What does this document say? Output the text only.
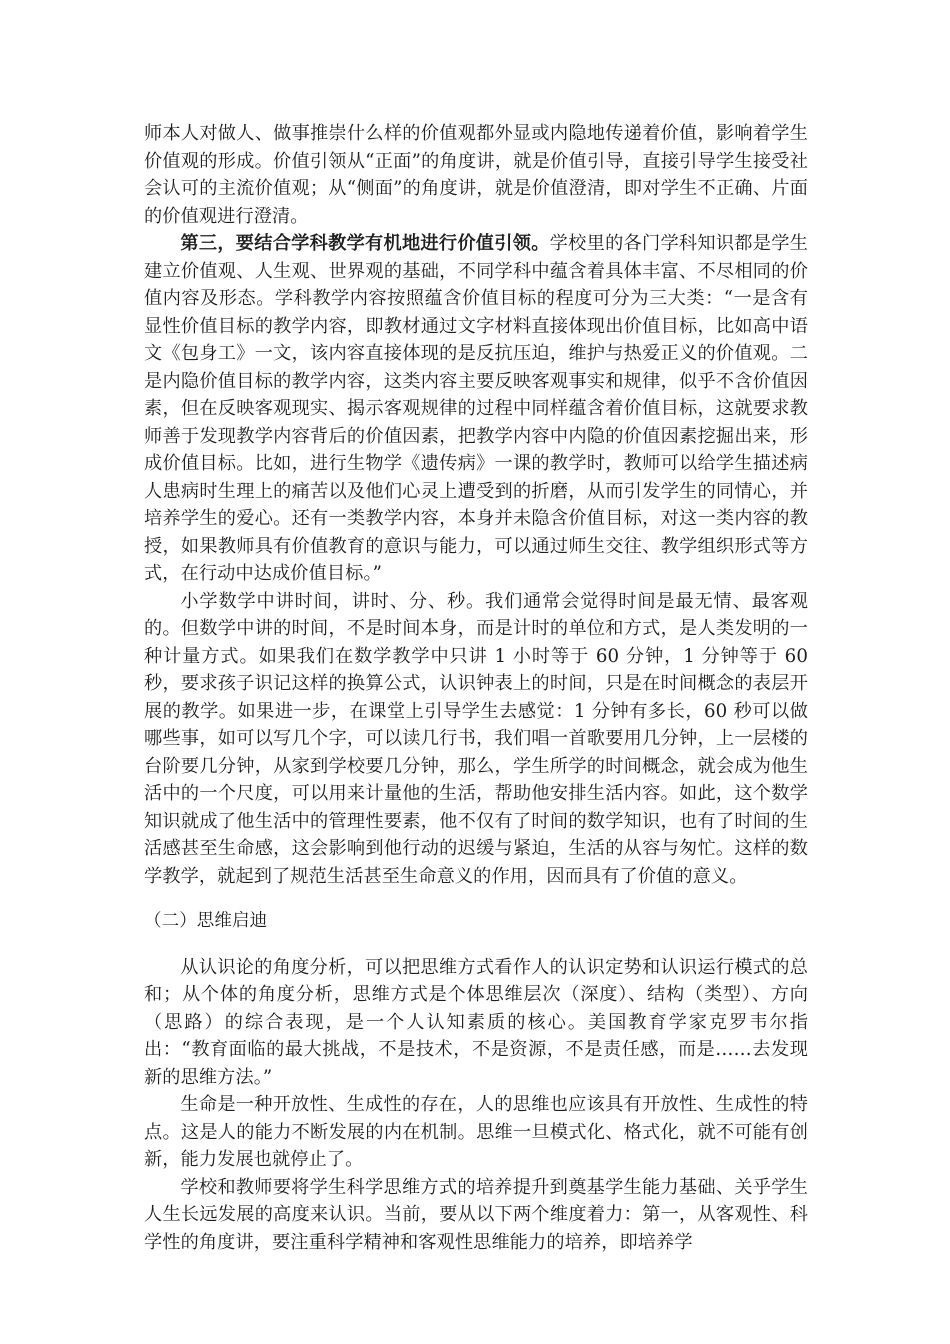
师本人对做人、做事推崇什么样的价值观都外显或内隐地传递着价值，影响着学生价值观的形成。价值引领从“正面”的角度讲，就是价值引导，直接引导学生接受社会认可的主流价值观；从“侧面”的角度讲，就是价值澄清，即对学生不正确、片面的价值观进行澄清。

第三，要结合学科教学有机地进行价值引领。学校里的各门学科知识都是学生建立价值观、人生观、世界观的基础，不同学科中蕴含着具体丰富、不尽相同的价值内容及形态。学科教学内容按照蕴含价值目标的程度可分为三大类：“一是含有显性价值目标的教学内容，即教材通过文字材料直接体现出价值目标，比如高中语文《包身工》一文，该内容直接体现的是反抗压迫，维护与热爱正义的价值观。二是内隐价值目标的教学内容，这类内容主要反映客观事实和规律，似乎不含价值因素，但在反映客观现实、揭示客观规律的过程中同样蕴含着价值目标，这就要求教师善于发现教学内容背后的价值因素，把教学内容中内隐的价值因素挖掘出来，形成价值目标。比如，进行生物学《遗传病》一课的教学时，教师可以给学生描述病人患病时生理上的痛苦以及他们心灵上遭受到的折磨，从而引发学生的同情心，并培养学生的爱心。还有一类教学内容，本身并未隐含价值目标，对这一类内容的教授，如果教师具有价值教育的意识与能力，可以通过师生交往、教学组织形式等方式，在行动中达成价值目标。”

小学数学中讲时间，讲时、分、秒。我们通常会觉得时间是最无情、最客观的。但数学中讲的时间，不是时间本身，而是计时的单位和方式，是人类发明的一种计量方式。如果我们在数学教学中只讲 1 小时等于 60 分钟，1 分钟等于 60 秒，要求孩子识记这样的换算公式，认识钟表上的时间，只是在时间概念的表层开展的教学。如果进一步，在课堂上引导学生去感觉：1 分钟有多长，60 秒可以做哪些事，如可以写几个字，可以读几行书，我们唱一首歌要用几分钟，上一层楼的台阶要几分钟，从家到学校要几分钟，那么，学生所学的时间概念，就会成为他生活中的一个尺度，可以用来计量他的生活，帮助他安排生活内容。如此，这个数学知识就成了他生活中的管理性要素，他不仅有了时间的数学知识，也有了时间的生活感甚至生命感，这会影响到他行动的迟缓与紧迫，生活的从容与匆忙。这样的数学教学，就起到了规范生活甚至生命意义的作用，因而具有了价值的意义。

（二）思维启迪

从认识论的角度分析，可以把思维方式看作人的认识定势和认识运行模式的总和；从个体的角度分析，思维方式是个体思维层次（深度）、结构（类型）、方向（思路）的综合表现，是一个人认知素质的核心。美国教育学家克罗韦尔指出：“教育面临的最大挑战，不是技术，不是资源，不是责任感，而是……去发现新的思维方法。”

生命是一种开放性、生成性的存在，人的思维也应该具有开放性、生成性的特点。这是人的能力不断发展的内在机制。思维一旦模式化、格式化，就不可能有创新，能力发展也就停止了。

学校和教师要将学生科学思维方式的培养提升到奠基学生能力基础、关乎学生人生长远发展的高度来认识。当前，要从以下两个维度着力：第一，从客观性、科学性的角度讲，要注重科学精神和客观性思维能力的培养，即培养学
